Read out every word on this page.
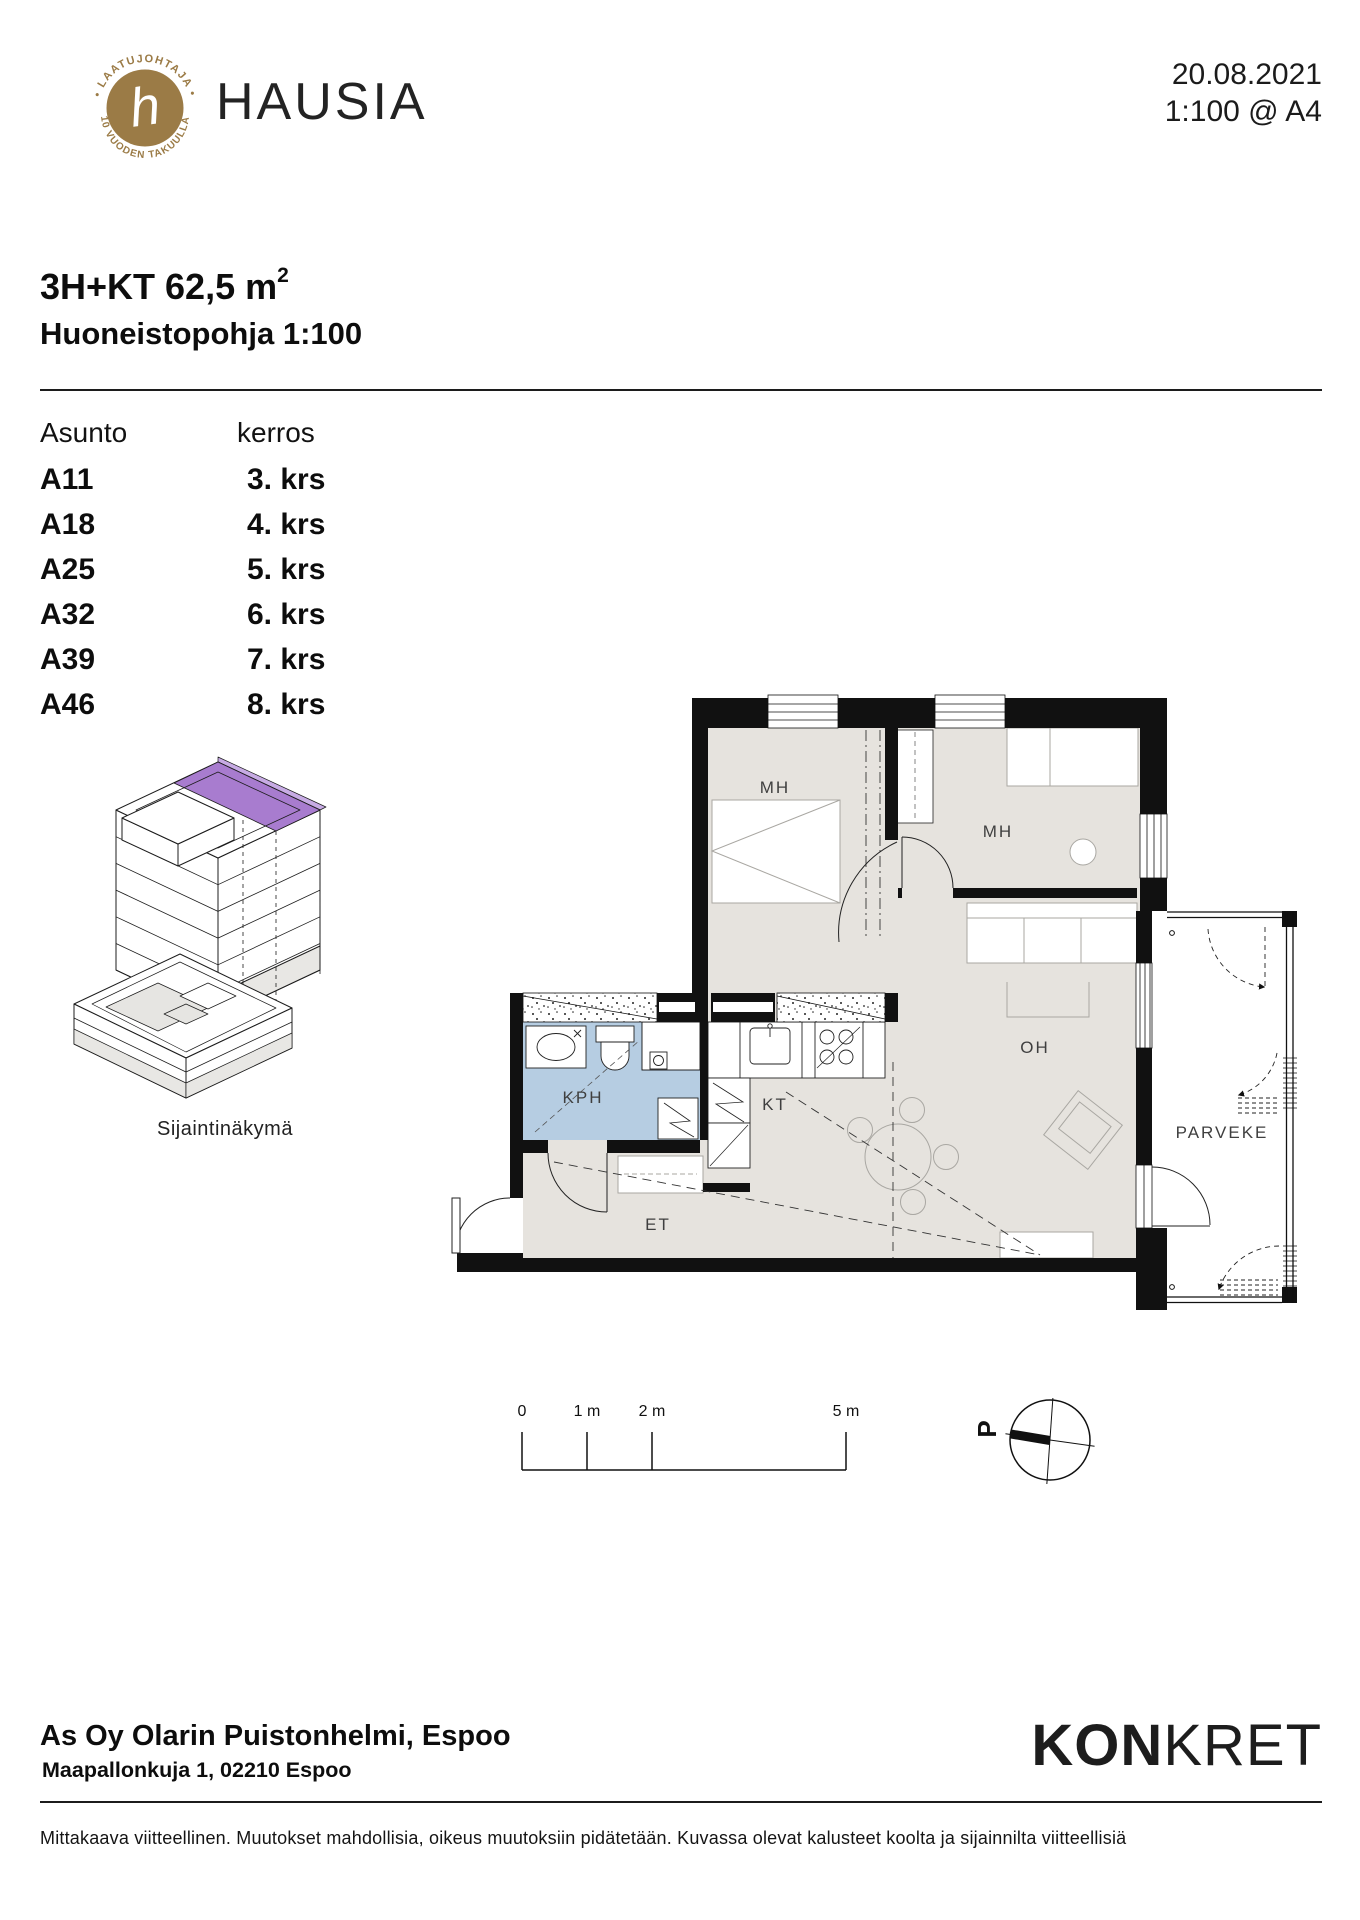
• LAATUJOHTAJA •
10 VUODEN TAKUULLA
h HAUSIA	20.08.2021
1:100 @ A4
3H+KT 62,5 $m^2$
Huoneistopohja 1:100
Asunto	kerros
A11	3. krs
A18	4. krs
A25	5. krs
A32	6. krs
A39	7. krs
A46	8. krs
Sijaintinäkymä
MH
MH
OH
KT
KPH
ET
PARVEKE
0	1 m 2 m	5 m
P
As Oy Olarin Puistonhelmi, Espoo
Maapallonkuja 1, 02210 Espoo	KONKRET
Mittakaava viitteellinen. Muutokset mahdollisia, oikeus muutoksiin pidätetään. Kuvassa olevat kalusteet koolta ja sijainnilta viitteellisiä
